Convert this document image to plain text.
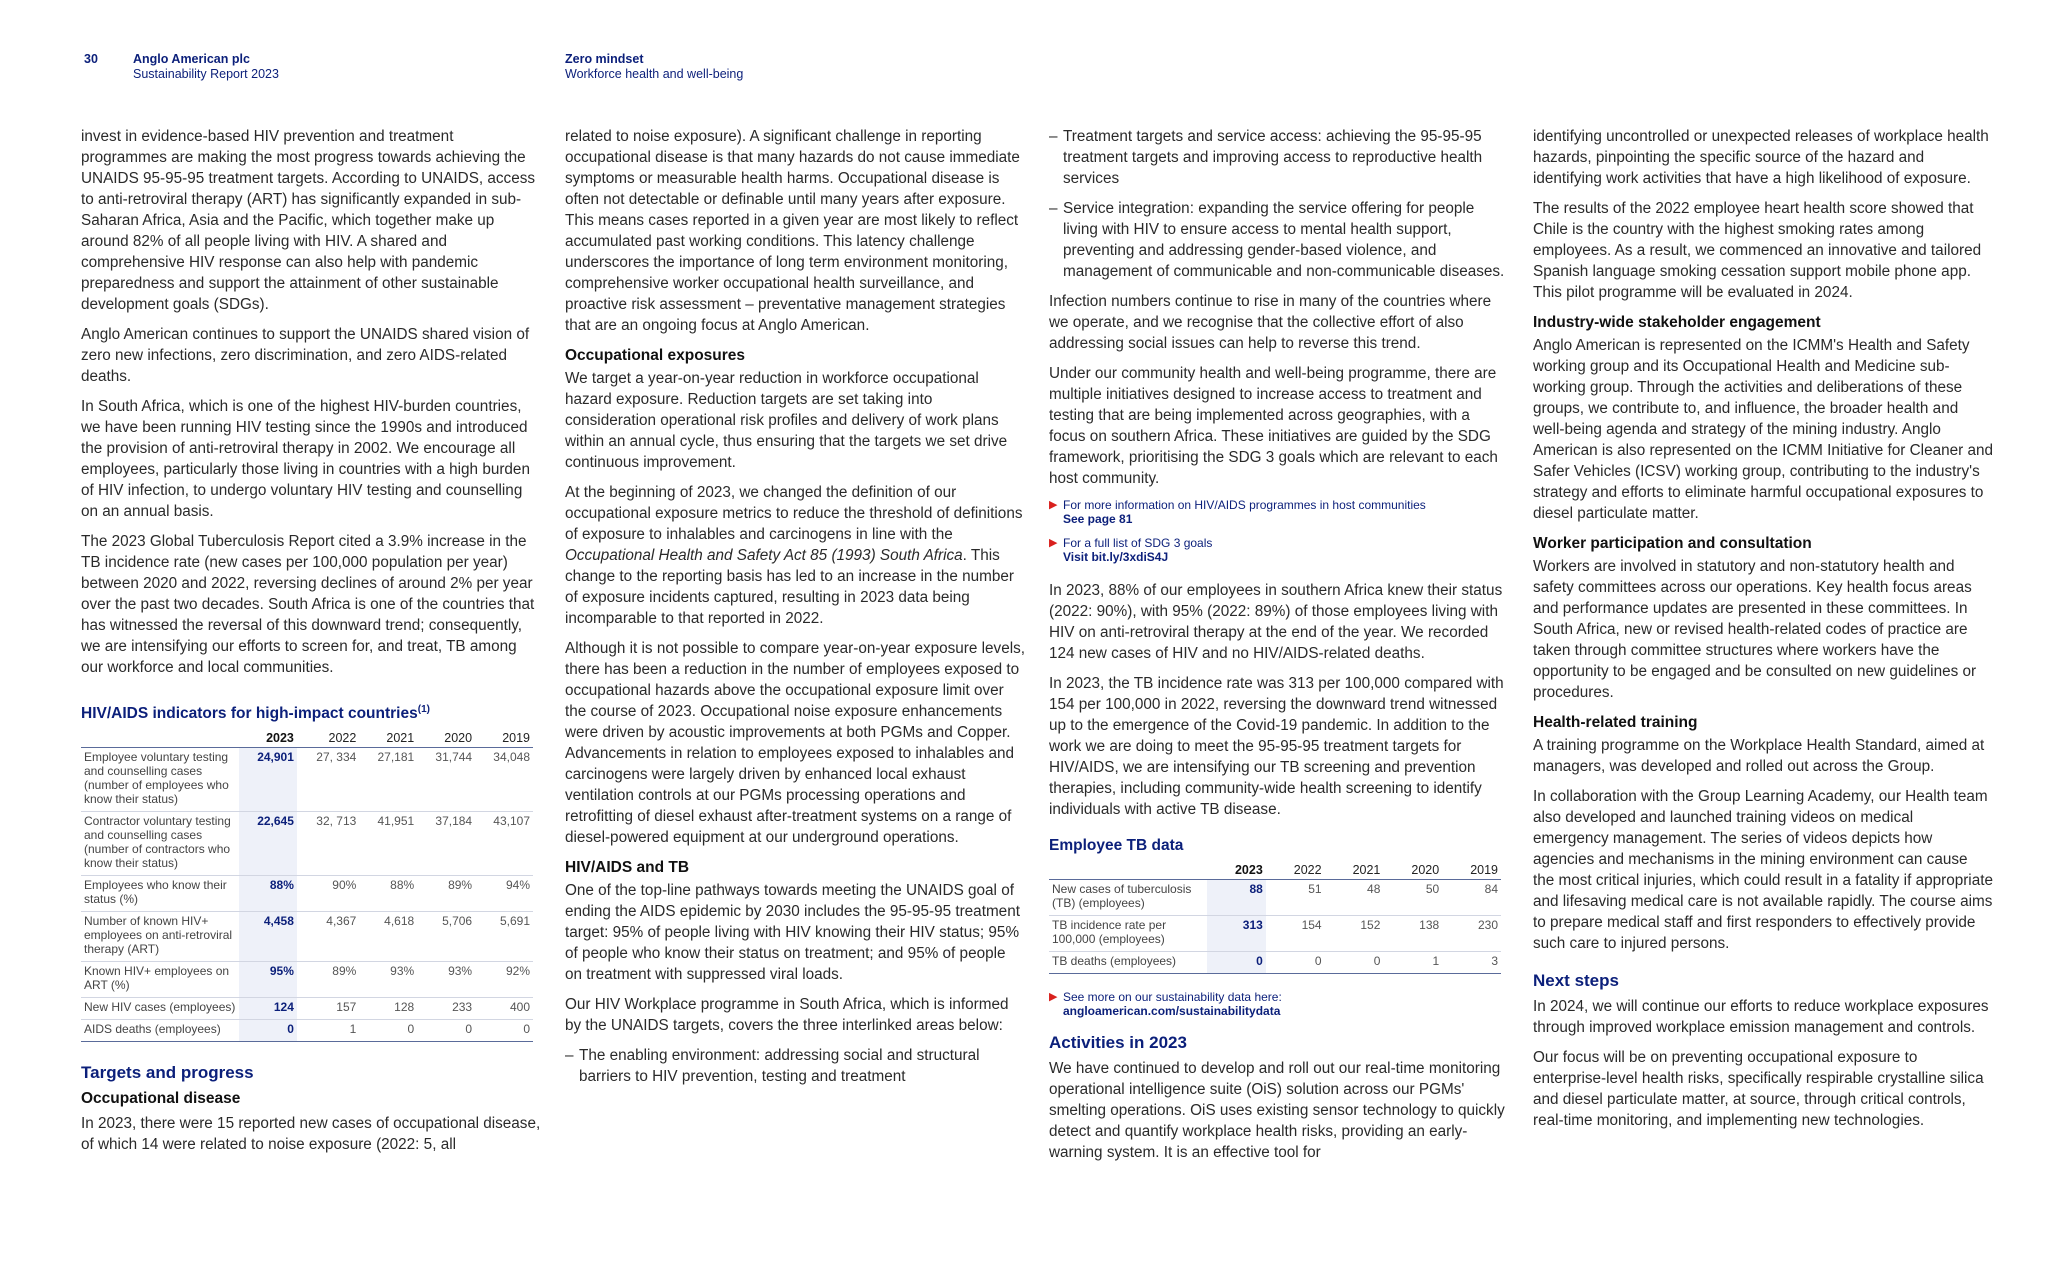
30	Anglo American plc
Sustainability Report 2023
Zero mindset
Workforce health and well-being

invest in evidence-based HIV prevention and treatment programmes are making the most progress towards achieving the UNAIDS 95-95-95 treatment targets. According to UNAIDS, access to anti-retroviral therapy (ART) has significantly expanded in sub-Saharan Africa, Asia and the Pacific, which together make up around 82% of all people living with HIV. A shared and comprehensive HIV response can also help with pandemic preparedness and support the attainment of other sustainable development goals (SDGs).

Anglo American continues to support the UNAIDS shared vision of zero new infections, zero discrimination, and zero AIDS-related deaths.

In South Africa, which is one of the highest HIV-burden countries, we have been running HIV testing since the 1990s and introduced the provision of anti-retroviral therapy in 2002. We encourage all employees, particularly those living in countries with a high burden of HIV infection, to undergo voluntary HIV testing and counselling on an annual basis.

The 2023 Global Tuberculosis Report cited a 3.9% increase in the TB incidence rate (new cases per 100,000 population per year) between 2020 and 2022, reversing declines of around 2% per year over the past two decades. South Africa is one of the countries that has witnessed the reversal of this downward trend; consequently, we are intensifying our efforts to screen for, and treat, TB among our workforce and local communities.

HIV/AIDS indicators for high-impact countries$^{(1)}$
	2023	2022	2021	2020	2019
Employee voluntary testing and counselling cases (number of employees who know their status)	24,901	27, 334	27,181	31,744	34,048
Contractor voluntary testing and counselling cases (number of contractors who know their status)	22,645	32, 713	41,951	37,184	43,107
Employees who know their status (%)	88%	90%	88%	89%	94%
Number of known HIV+ employees on anti-retroviral therapy (ART)	4,458	4,367	4,618	5,706	5,691
Known HIV+ employees on ART (%)	95%	89%	93%	93%	92%
New HIV cases (employees)	124	157	128	233	400
AIDS deaths (employees)	0	1	0	0	0
Targets and progress
Occupational disease

In 2023, there were 15 reported new cases of occupational disease, of which 14 were related to noise exposure (2022: 5, all

related to noise exposure). A significant challenge in reporting occupational disease is that many hazards do not cause immediate symptoms or measurable health harms. Occupational disease is often not detectable or definable until many years after exposure. This means cases reported in a given year are most likely to reflect accumulated past working conditions. This latency challenge underscores the importance of long term environment monitoring, comprehensive worker occupational health surveillance, and proactive risk assessment – preventative management strategies that are an ongoing focus at Anglo American.

Occupational exposures

We target a year-on-year reduction in workforce occupational hazard exposure. Reduction targets are set taking into consideration operational risk profiles and delivery of work plans within an annual cycle, thus ensuring that the targets we set drive continuous improvement.

At the beginning of 2023, we changed the definition of our occupational exposure metrics to reduce the threshold of definitions of exposure to inhalables and carcinogens in line with the Occupational Health and Safety Act 85 (1993) South Africa. This change to the reporting basis has led to an increase in the number of exposure incidents captured, resulting in 2023 data being incomparable to that reported in 2022.

Although it is not possible to compare year-on-year exposure levels, there has been a reduction in the number of employees exposed to occupational hazards above the occupational exposure limit over the course of 2023. Occupational noise exposure enhancements were driven by acoustic improvements at both PGMs and Copper. Advancements in relation to employees exposed to inhalables and carcinogens were largely driven by enhanced local exhaust ventilation controls at our PGMs processing operations and retrofitting of diesel exhaust after-treatment systems on a range of diesel-powered equipment at our underground operations.

HIV/AIDS and TB

One of the top-line pathways towards meeting the UNAIDS goal of ending the AIDS epidemic by 2030 includes the 95-95-95 treatment target: 95% of people living with HIV knowing their HIV status; 95% of people who know their status on treatment; and 95% of people on treatment with suppressed viral loads.

Our HIV Workplace programme in South Africa, which is informed by the UNAIDS targets, covers the three interlinked areas below:

– The enabling environment: addressing social and structural barriers to HIV prevention, testing and treatment

– Treatment targets and service access: achieving the 95-95-95 treatment targets and improving access to reproductive health services

– Service integration: expanding the service offering for people living with HIV to ensure access to mental health support, preventing and addressing gender-based violence, and management of communicable and non-communicable diseases.

Infection numbers continue to rise in many of the countries where we operate, and we recognise that the collective effort of also addressing social issues can help to reverse this trend.

Under our community health and well-being programme, there are multiple initiatives designed to increase access to treatment and testing that are being implemented across geographies, with a focus on southern Africa. These initiatives are guided by the SDG framework, prioritising the SDG 3 goals which are relevant to each host community.

▶ For more information on HIV/AIDS programmes in host communities
See page 81
▶ For a full list of SDG 3 goals
Visit bit.ly/3xdiS4J

In 2023, 88% of our employees in southern Africa knew their status (2022: 90%), with 95% (2022: 89%) of those employees living with HIV on anti-retroviral therapy at the end of the year. We recorded 124 new cases of HIV and no HIV/AIDS-related deaths.

In 2023, the TB incidence rate was 313 per 100,000 compared with 154 per 100,000 in 2022, reversing the downward trend witnessed up to the emergence of the Covid-19 pandemic. In addition to the work we are doing to meet the 95-95-95 treatment targets for HIV/AIDS, we are intensifying our TB screening and prevention therapies, including community-wide health screening to identify individuals with active TB disease.

Employee TB data
	2023	2022	2021	2020	2019
New cases of tuberculosis (TB) (employees)	88	51	48	50	84
TB incidence rate per 100,000 (employees)	313	154	152	138	230
TB deaths (employees)	0	0	0	1	3
▶ See more on our sustainability data here:
angloamerican.com/sustainabilitydata
Activities in 2023

We have continued to develop and roll out our real-time monitoring operational intelligence suite (OiS) solution across our PGMs' smelting operations. OiS uses existing sensor technology to quickly detect and quantify workplace health risks, providing an early-warning system. It is an effective tool for

identifying uncontrolled or unexpected releases of workplace health hazards, pinpointing the specific source of the hazard and identifying work activities that have a high likelihood of exposure.

The results of the 2022 employee heart health score showed that Chile is the country with the highest smoking rates among employees. As a result, we commenced an innovative and tailored Spanish language smoking cessation support mobile phone app. This pilot programme will be evaluated in 2024.

Industry-wide stakeholder engagement

Anglo American is represented on the ICMM's Health and Safety working group and its Occupational Health and Medicine sub-working group. Through the activities and deliberations of these groups, we contribute to, and influence, the broader health and well-being agenda and strategy of the mining industry. Anglo American is also represented on the ICMM Initiative for Cleaner and Safer Vehicles (ICSV) working group, contributing to the industry's strategy and efforts to eliminate harmful occupational exposures to diesel particulate matter.

Worker participation and consultation

Workers are involved in statutory and non-statutory health and safety committees across our operations. Key health focus areas and performance updates are presented in these committees. In South Africa, new or revised health-related codes of practice are taken through committee structures where workers have the opportunity to be engaged and be consulted on new guidelines or procedures.

Health-related training

A training programme on the Workplace Health Standard, aimed at managers, was developed and rolled out across the Group.

In collaboration with the Group Learning Academy, our Health team also developed and launched training videos on medical emergency management. The series of videos depicts how agencies and mechanisms in the mining environment can cause the most critical injuries, which could result in a fatality if appropriate and lifesaving medical care is not available rapidly. The course aims to prepare medical staff and first responders to effectively provide such care to injured persons.

Next steps

In 2024, we will continue our efforts to reduce workplace exposures through improved workplace emission management and controls.

Our focus will be on preventing occupational exposure to enterprise-level health risks, specifically respirable crystalline silica and diesel particulate matter, at source, through critical controls, real-time monitoring, and implementing new technologies.
